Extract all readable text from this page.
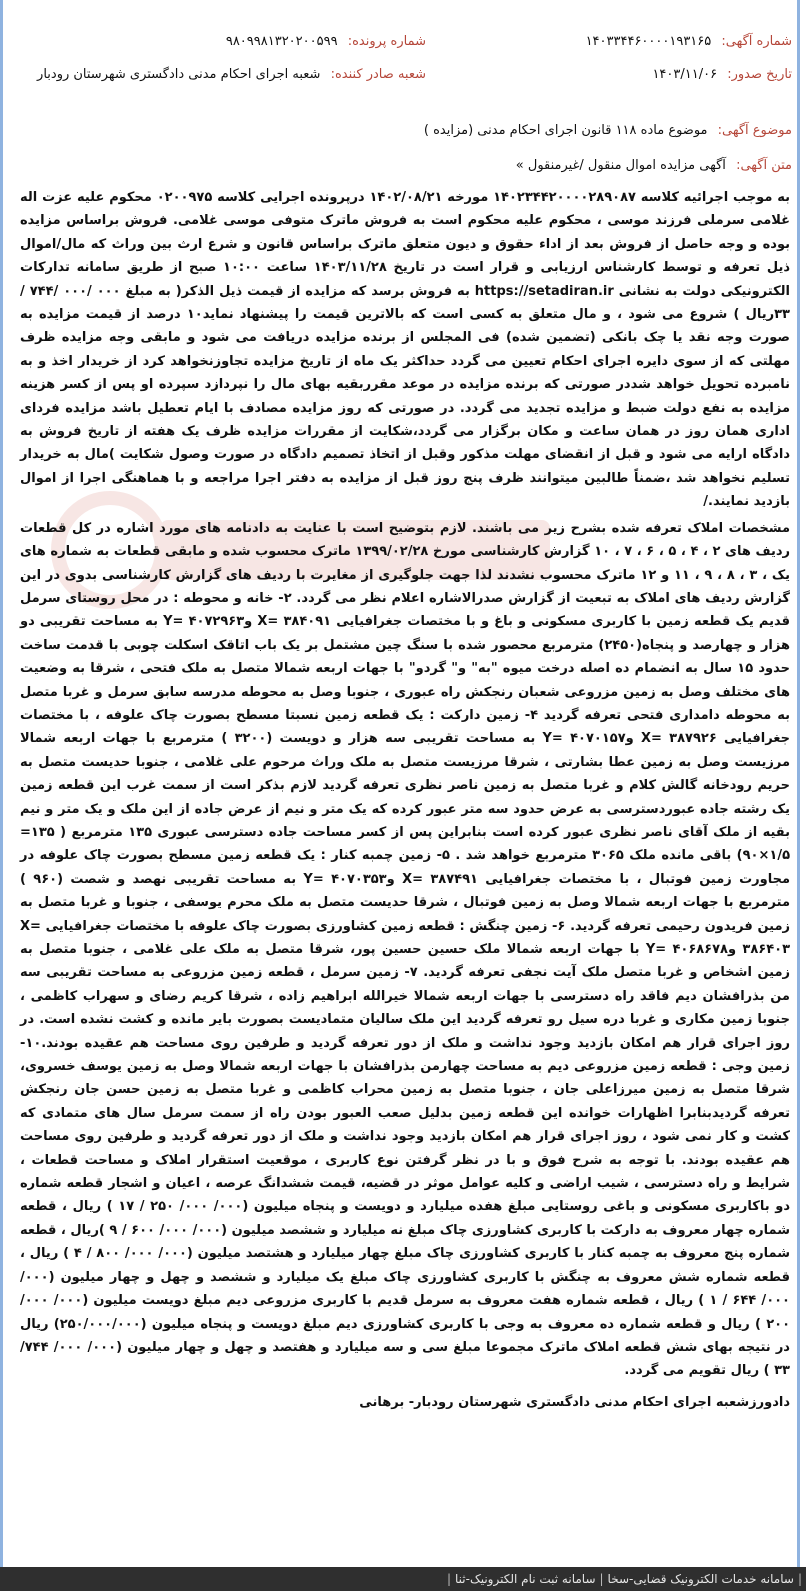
شماره آگهی: ۱۴۰۳۳۴۴۶۰۰۰۰۱۹۳۱۶۵
شماره پرونده: ۹۸۰۹۹۸۱۳۲۰۲۰۰۵۹۹
تاریخ صدور: ۱۴۰۳/۱۱/۰۶
شعبه صادر کننده: شعبه اجرای احکام مدنی دادگستری شهرستان رودبار
موضوع آگهی: موضوع ماده ۱۱۸ قانون اجرای احکام مدنی (مزایده )
متن آگهی: آگهی مزایده اموال منقول /غیرمنقول »

به موجب اجرائیه کلاسه ۱۴۰۲۳۴۴۲۰۰۰۰۲۸۹۰۸۷ مورخه ۱۴۰۲/۰۸/۲۱ درپرونده اجرایی کلاسه ۰۲۰۰۹۷۵ محکوم علیه عزت اله غلامی سرملی فرزند موسی ، محکوم علیه محکوم است به فروش ماترک متوفی موسی غلامی. فروش براساس مزایده بوده و وجه حاصل از فروش بعد از اداء حقوق و دیون متعلق ماترک براساس قانون و شرع ارث بین وراث که مال/اموال ذیل تعرفه و توسط کارشناس ارزیابی و قرار است در تاریخ ۱۴۰۳/۱۱/۲۸ ساعت ۱۰:۰۰ صبح از طریق سامانه تدارکات الکترونیکی دولت به نشانی https://setadiran.ir به فروش برسد که مزایده از قیمت ذیل الذکر( به مبلغ ۰۰۰ /۰۰۰ /۷۴۴ / ۳۳ریال ) شروع می شود ، و مال متعلق به کسی است که بالاترین قیمت را پیشنهاد نماید۱۰ درصد از قیمت مزایده به صورت وجه نقد یا چک بانکی (تضمین شده) فی المجلس از برنده مزایده دریافت می شود و مابقی وجه مزایده ظرف مهلتی که از سوی دایره اجرای احکام تعیین می گردد حداکثر یک ماه از تاریخ مزایده تجاوزنخواهد کرد از خریدار اخذ و به نامبرده تحویل خواهد شددر صورتی که برنده مزایده در موعد مقرربقیه بهای مال را نپردازد سپرده او پس از کسر هزینه مزایده به نفع دولت ضبط و مزایده تجدید می گردد. در صورتی که روز مزایده مصادف با ایام تعطیل باشد مزایده فردای اداری همان روز در همان ساعت و مکان برگزار می گردد،شکایت از مقررات مزایده ظرف یک هفته از تاریخ فروش به دادگاه ارایه می شود و قبل از انقضای مهلت مذکور وقبل از اتخاذ تصمیم دادگاه در صورت وصول شکایت )مال به خریدار تسلیم نخواهد شد ،ضمناً طالبین میتوانند ظرف پنج روز قبل از مزایده به دفتر اجرا مراجعه و با هماهنگی اجرا از اموال بازدید نمایند./

مشخصات املاک تعرفه شده بشرح زیر می باشند. لازم بتوضیح است با عنایت به دادنامه های مورد اشاره در کل قطعات ردیف های ۲ ، ۴ ، ۵ ، ۶ ، ۷ ، ۱۰ گزارش کارشناسی مورخ ۱۳۹۹/۰۲/۲۸ ماترک محسوب شده و مابقی قطعات به شماره های یک ، ۳ ، ۸ ، ۹ ، ۱۱ و ۱۲ ماترک محسوب نشدند لذا جهت جلوگیری از مغایرت با ردیف های گزارش کارشناسی بدوی در این گزارش ردیف های املاک به تبعیت از گزارش صدرالاشاره اعلام نظر می گردد. ۲- خانه و محوطه : در محل روستای سرمل قدیم یک قطعه زمین با کاربری مسکونی و باغ و با مختصات جغرافیایی X= ۳۸۴۰۹۱ وY= ۴۰۷۲۹۶۳ به مساحت تقریبی دو هزار و چهارصد و پنجاه(۲۴۵۰) مترمربع محصور شده با سنگ چین مشتمل بر یک باب اتاقک اسکلت چوبی با قدمت ساخت حدود ۱۵ سال به انضمام ده اصله درخت میوه "به" و" گردو" با جهات اربعه شمالا متصل به ملک فتحی ، شرقا به وضعیت های مختلف وصل به زمین مزروعی شعبان رنجکش راه عبوری ، جنوبا وصل به محوطه مدرسه سابق سرمل و غربا متصل به محوطه دامداری فتحی تعرفه گردید ۴- زمین دارکت : یک قطعه زمین نسبتا مسطح بصورت چاک علوفه ، با مختصات جغرافیایی X= ۳۸۷۹۲۶ وY= ۴۰۷۰۱۵۷ به مساحت تقریبی سه هزار و دویست (۳۲۰۰ ) مترمربع با جهات اربعه شمالا مرزیست وصل به زمین عطا بشارتی ، شرقا مرزیست متصل به ملک وراث مرحوم علی غلامی ، جنوبا حدیست متصل به حریم رودخانه گالش کلام و غربا متصل به زمین ناصر نظری تعرفه گردید لازم بذکر است از سمت غرب این قطعه زمین یک رشته جاده عبوردسترسی به عرض حدود سه متر عبور کرده که یک متر و نیم از عرض جاده از این ملک و یک متر و نیم بقیه از ملک آقای ناصر نظری عبور کرده است بنابراین پس از کسر مساحت جاده دسترسی عبوری ۱۳۵ مترمربع ( ۱۳۵= ۱/۵×۹۰) باقی مانده ملک ۳۰۶۵ مترمربع خواهد شد . ۵- زمین چمبه کنار : یک قطعه زمین مسطح بصورت چاک علوفه در مجاورت زمین فوتبال ، با مختصات جغرافیایی X= ۳۸۷۴۹۱ وY= ۴۰۷۰۳۵۳ به مساحت تقریبی نهصد و شصت (۹۶۰ ) مترمربع با جهات اربعه شمالا وصل به زمین فوتبال ، شرقا حدیست متصل به ملک محرم یوسفی ، جنوبا و غربا متصل به زمین فریدون رحیمی تعرفه گردید. ۶- زمین چنگش : قطعه زمین کشاورزی بصورت چاک علوفه با مختصات جغرافیایی X= ۳۸۶۴۰۳ وY= ۴۰۶۸۶۷۸ با جهات اربعه شمالا ملک حسین حسین پور، شرقا متصل به ملک علی غلامی ، جنوبا متصل به زمین اشخاص و غربا متصل ملک آیت نجفی تعرفه گردید. ۷- زمین سرمل ، قطعه زمین مزروعی به مساحت تقریبی سه من بذرافشان دیم فاقد راه دسترسی با جهات اربعه شمالا خیرالله ابراهیم زاده ، شرقا کریم رضای و سهراب کاظمی ، جنوبا زمین مکاری و غربا دره سیل رو تعرفه گردید این ملک سالیان متمادیست بصورت بایر مانده و کشت نشده است. در روز اجرای قرار هم امکان بازدید وجود نداشت و ملک از دور تعرفه گردید و طرفین روی مساحت هم عقیده بودند.۱۰- زمین وجی : قطعه زمین مزروعی دیم به مساحت چهارمن بذرافشان با جهات اربعه شمالا وصل به زمین یوسف خسروی، شرقا متصل به زمین میرزاعلی جان ، جنوبا متصل به زمین محراب کاظمی و غربا متصل به زمین حسن جان رنجکش تعرفه گردیدبنابرا اظهارات خوانده این قطعه زمین بدلیل صعب العبور بودن راه از سمت سرمل سال های متمادی که کشت و کار نمی شود ، روز اجرای قرار هم امکان بازدید وجود نداشت و ملک از دور تعرفه گردید و طرفین روی مساحت هم عقیده بودند. با توجه به شرح فوق و با در نظر گرفتن نوع کاربری ، موقعیت استقرار املاک و مساحت قطعات ، شرایط و راه دسترسی ، شیب اراضی و کلیه عوامل موثر در قضیه، قیمت ششدانگ عرصه ، اعیان و اشجار قطعه شماره دو باکاربری مسکونی و باغی روستایی مبلغ هفده میلیارد و دویست و پنجاه میلیون (۰۰۰/ ۰۰۰/ ۲۵۰ / ۱۷ ) ریال ، قطعه شماره چهار معروف به دارکت با کاربری کشاورزی چاک مبلغ نه میلیارد و ششصد میلیون (۰۰۰/ ۰۰۰/ ۶۰۰ / ۹ )ریال ، قطعه شماره پنج معروف به چمبه کنار با کاربری کشاورزی چاک مبلغ چهار میلیارد و هشتصد میلیون (۰۰۰/ ۰۰۰/ ۸۰۰ / ۴ ) ریال ، قطعه شماره شش معروف به چنگش با کاربری کشاورزی چاک مبلغ یک میلیارد و ششصد و چهل و چهار میلیون (۰۰۰/ ۰۰۰/ ۶۴۴ / ۱ ) ریال ، قطعه شماره هفت معروف به سرمل قدیم با کاربری مزروعی دیم مبلغ دویست میلیون (۰۰۰/ ۰۰۰/ ۲۰۰ ) ریال و قطعه شماره ده معروف به وجی با کاربری کشاورزی دیم مبلغ دویست و پنجاه میلیون (۲۵۰/۰۰۰/۰۰۰) ریال در نتیجه بهای شش قطعه املاک ماترک مجموعا مبلغ سی و سه میلیارد و هفتصد و چهل و چهار میلیون (۰۰۰/ ۰۰۰/ ۷۴۴/ ۳۳ ) ریال تقویم می گردد.

دادورزشعبه اجرای احکام مدنی دادگستری شهرستان رودبار- برهانی

|
سامانه خدمات الکترونیک قضایی-سخا
|
سامانه ثبت نام الکترونیک-ثنا
|
